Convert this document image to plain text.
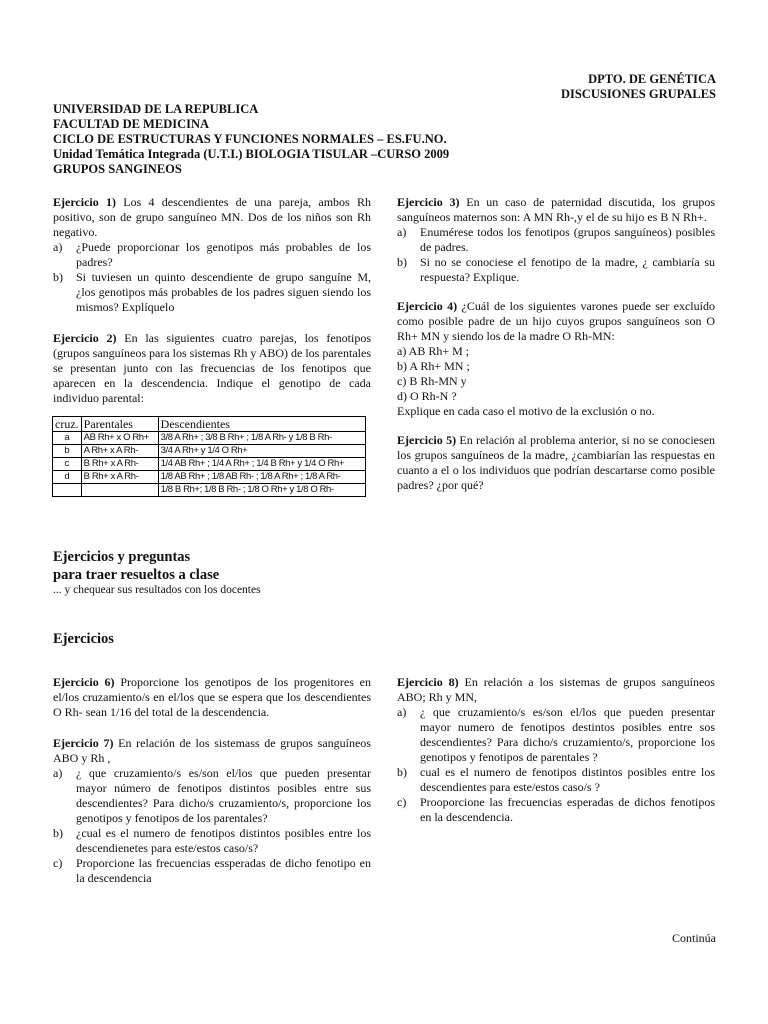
DPTO. DE GENÉTICA
DISCUSIONES GRUPALES
UNIVERSIDAD DE LA REPUBLICA
FACULTAD DE MEDICINA
CICLO DE ESTRUCTURAS Y FUNCIONES NORMALES – ES.FU.NO.
Unidad Temática Integrada (U.T.I.) BIOLOGIA TISULAR –CURSO 2009
GRUPOS SANGINEOS
Ejercicio 1) Los 4 descendientes de una pareja, ambos Rh positivo, son de grupo sanguíneo MN. Dos de los niños son Rh negativo.
a) ¿Puede proporcionar los genotipos más probables de los padres?
b) Si tuviesen un quinto descendiente de grupo sanguíne M, ¿los genotipos más probables de los padres siguen siendo los mismos? Explíquelo
Ejercicio 2) En las siguientes cuatro parejas, los fenotipos (grupos sanguíneos para los sistemas Rh y ABO) de los parentales se presentan junto con las frecuencias de los fenotipos que aparecen en la descendencia. Indique el genotipo de cada individuo parental:
cruz.	Parentales	Descendientes
a	AB Rh+ x O Rh+	3/8 A Rh+ ; 3/8 B Rh+ ; 1/8 A Rh- y 1/8 B Rh-
b	A Rh+ x A Rh-	3/4 A Rh+ y 1/4 O Rh+
c	B Rh+ x A Rh-	1/4 AB Rh+ ; 1/4 A Rh+ ; 1/4 B Rh+ y 1/4 O Rh+
d	B Rh+ x A Rh-	1/8 AB Rh+ ; 1/8 AB Rh- ; 1/8 A Rh+ ; 1/8 A Rh-
		1/8 B Rh+; 1/8 B Rh- ; 1/8 O Rh+ y 1/8 O Rh-
Ejercicio 3) En un caso de paternidad discutida, los grupos sanguíneos maternos son: A MN Rh-,y el de su hijo es B N Rh+.
a) Enumérese todos los fenotipos (grupos sanguíneos) posibles de padres.
b) Si no se conociese el fenotipo de la madre, ¿ cambiaría su respuesta? Explique.
Ejercicio 4) ¿Cuál de los siguientes varones puede ser excluído como posible padre de un hijo cuyos grupos sanguíneos son O Rh+ MN y siendo los de la madre O Rh-MN:
a) AB Rh+ M ;
b) A Rh+ MN ;
c) B Rh-MN y
d) O Rh-N ?
Explique en cada caso el motivo de la exclusión o no.
Ejercicio 5) En relación al problema anterior, si no se conociesen los grupos sanguíneos de la madre, ¿cambiarían las respuestas en cuanto a el o los individuos que podrían descartarse como posible padres? ¿por qué?
Ejercicios y preguntas
para traer resueltos a clase
... y chequear sus resultados con los docentes
Ejercicios
Ejercicio 6) Proporcione los genotipos de los progenitores en el/los cruzamiento/s en el/los que se espera que los descendientes O Rh- sean 1/16 del total de la descendencia.
Ejercicio 7) En relación de los sistemass de grupos sanguíneos ABO y Rh ,
a) ¿ que cruzamiento/s es/son el/los que pueden presentar mayor número de fenotipos distintos posibles entre sus descendientes? Para dicho/s cruzamiento/s, proporcione los genotipos y fenotipos de los parentales?
b) ¿cual es el numero de fenotipos distintos posibles entre los descendienetes para este/estos caso/s?
c) Proporcione las frecuencias essperadas de dicho fenotipo en la descendencia
Ejercicio 8) En relación a los sistemas de grupos sanguíneos ABO; Rh y MN,
a) ¿ que cruzamiento/s es/son el/los que pueden presentar mayor numero de fenotipos destintos posibles entre sos descendientes? Para dicho/s cruzamiento/s, proporcione los genotipos y fenotipos de parentales ?
b) cual es el numero de fenotipos distintos posibles entre los descendientes para este/estos caso/s ?
c) Prooporcione las frecuencias esperadas de dichos fenotipos en la descendencia.
Continúa
